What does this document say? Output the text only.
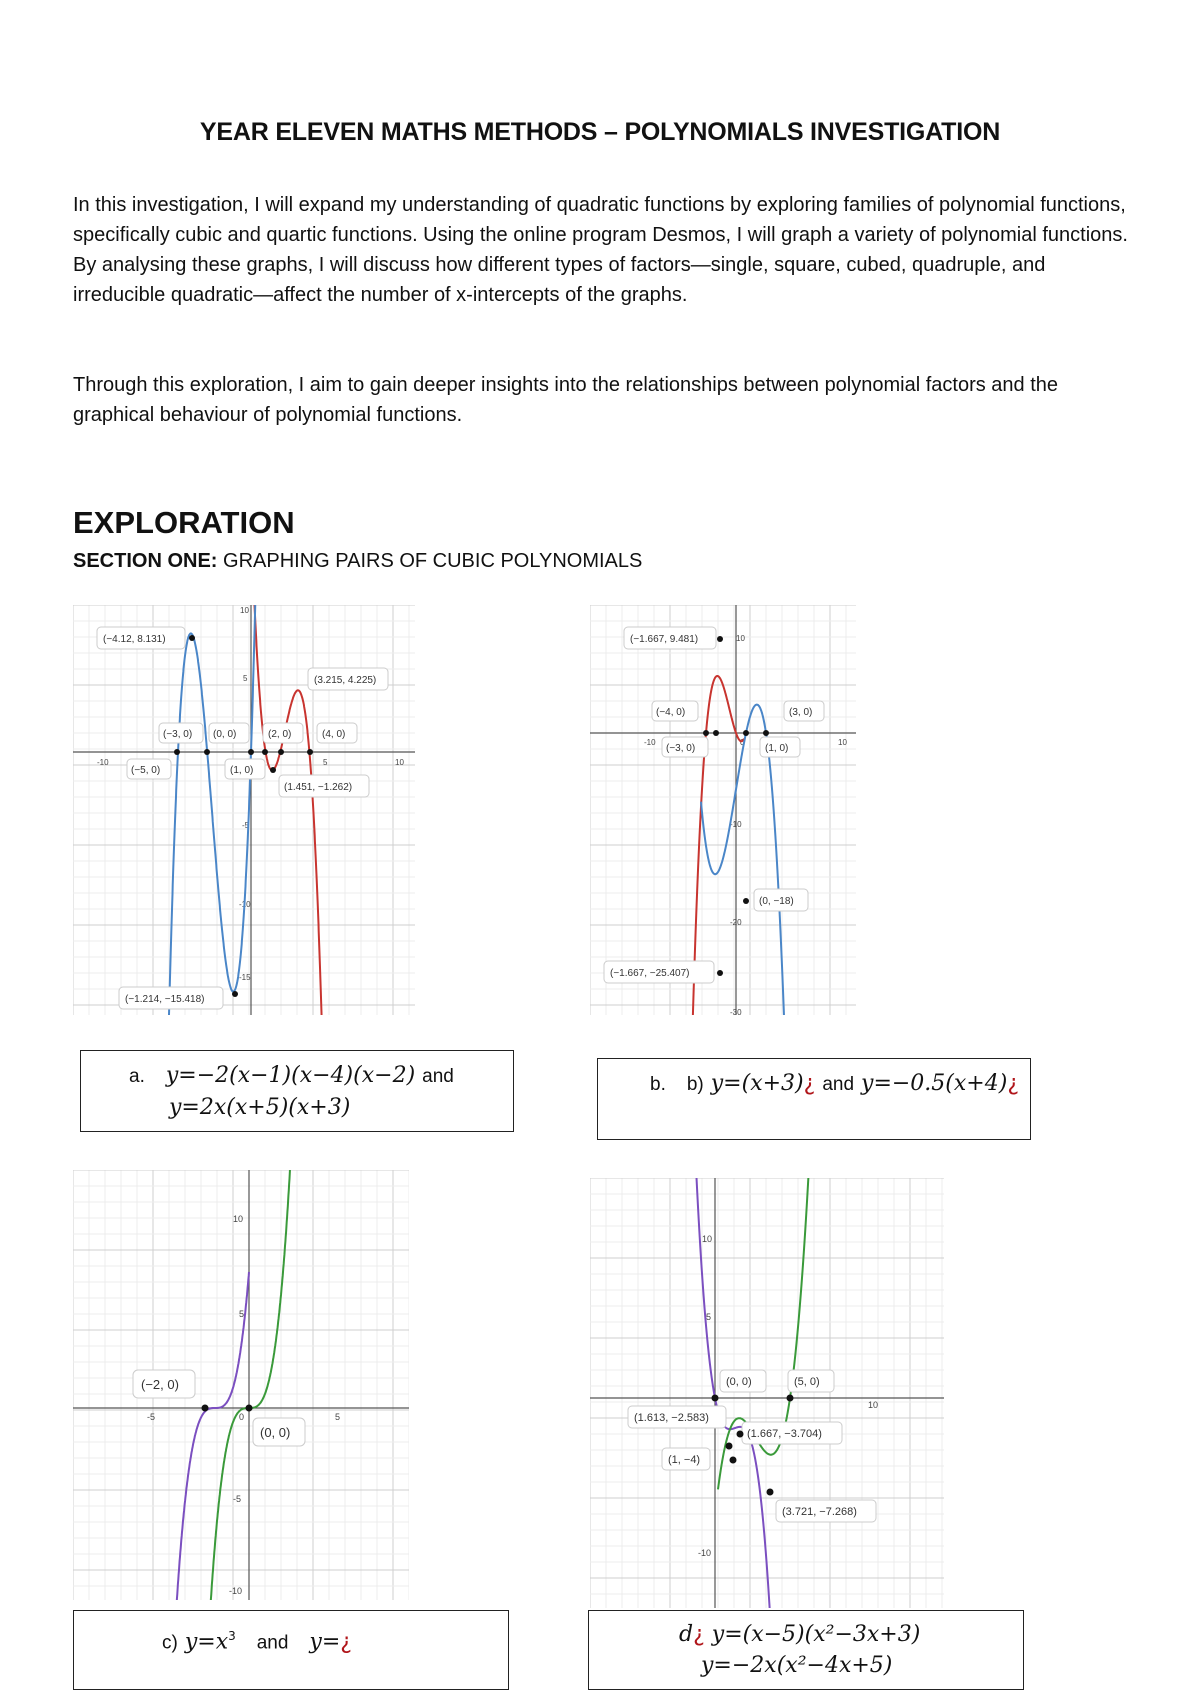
YEAR ELEVEN MATHS METHODS – POLYNOMIALS INVESTIGATION

In this investigation, I will expand my understanding of quadratic functions by exploring families of polynomial functions, specifically cubic and quartic functions. Using the online program Desmos, I will graph a variety of polynomial functions. By analysing these graphs, I will discuss how different types of factors—single, square, cubed, quadruple, and irreducible quadratic—affect the number of x-intercepts of the graphs.

Through this exploration, I aim to gain deeper insights into the relationships between polynomial factors and the graphical behaviour of polynomial functions.

EXPLORATION
SECTION ONE: GRAPHING PAIRS OF CUBIC POLYNOMIALS
10
5
-5
-10
-15
-10	10
5
(−4.12, 8.131)
(3.215, 4.225)
(−3, 0) (0, 0)	(2, 0)	(4, 0)
(−5, 0)	(1, 0)
(1.451, −1.262)
(−1.214, −15.418)
10
-10	0	10
-10
-20
-30
(−1.667, 9.481)
(−4, 0)	(3, 0)
(−3, 0)	(1, 0)
(0, −18)
(−1.667, −25.407)
a. y=−2(x−1)(x−4)(x−2) and
y=2x(x+5)(x+3)
b. b) y=(x+3)¿ and y=−0.5(x+4)¿
10
5
-5	5
0
-5
-10
(−2, 0)
(0, 0)
10
5
10
-10
(0, 0)	(5, 0)
(1.613, −2.583)
(1.667, −3.704)
(1, −4)
(3.721, −7.268)
c) $y=x^3$ and y=¿	d¿ y=(x−5)(x²−3x+3)
y=−2x(x²−4x+5)
